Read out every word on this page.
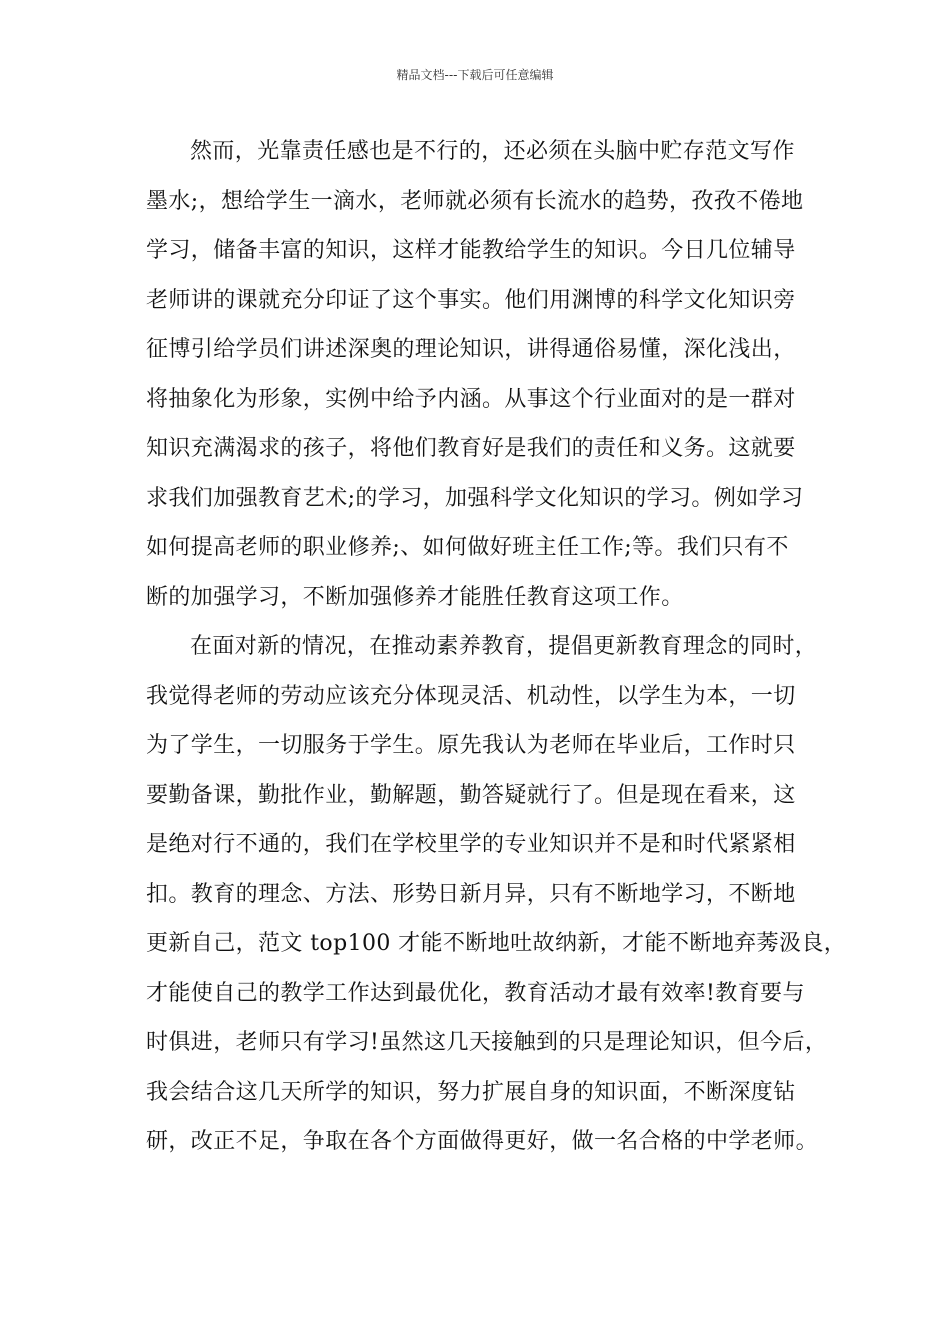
精品文档---下载后可任意编辑
然而，光靠责任感也是不行的，还必须在头脑中贮存范文写作
墨水;，想给学生一滴水，老师就必须有长流水的趋势，孜孜不倦地
学习，储备丰富的知识，这样才能教给学生的知识。今日几位辅导
老师讲的课就充分印证了这个事实。他们用渊博的科学文化知识旁
征博引给学员们讲述深奥的理论知识，讲得通俗易懂，深化浅出，
将抽象化为形象，实例中给予内涵。从事这个行业面对的是一群对
知识充满渴求的孩子，将他们教育好是我们的责任和义务。这就要
求我们加强教育艺术;的学习，加强科学文化知识的学习。例如学习
如何提高老师的职业修养;、如何做好班主任工作;等。我们只有不
断的加强学习，不断加强修养才能胜任教育这项工作。
在面对新的情况，在推动素养教育，提倡更新教育理念的同时，
我觉得老师的劳动应该充分体现灵活、机动性，以学生为本，一切
为了学生，一切服务于学生。原先我认为老师在毕业后，工作时只
要勤备课，勤批作业，勤解题，勤答疑就行了。但是现在看来，这
是绝对行不通的，我们在学校里学的专业知识并不是和时代紧紧相
扣。教育的理念、方法、形势日新月异，只有不断地学习，不断地
更新自己，范文 top100 才能不断地吐故纳新，才能不断地弃莠汲良，
才能使自己的教学工作达到最优化，教育活动才最有效率!教育要与
时俱进，老师只有学习!虽然这几天接触到的只是理论知识，但今后，
我会结合这几天所学的知识，努力扩展自身的知识面，不断深度钻
研，改正不足，争取在各个方面做得更好，做一名合格的中学老师。
